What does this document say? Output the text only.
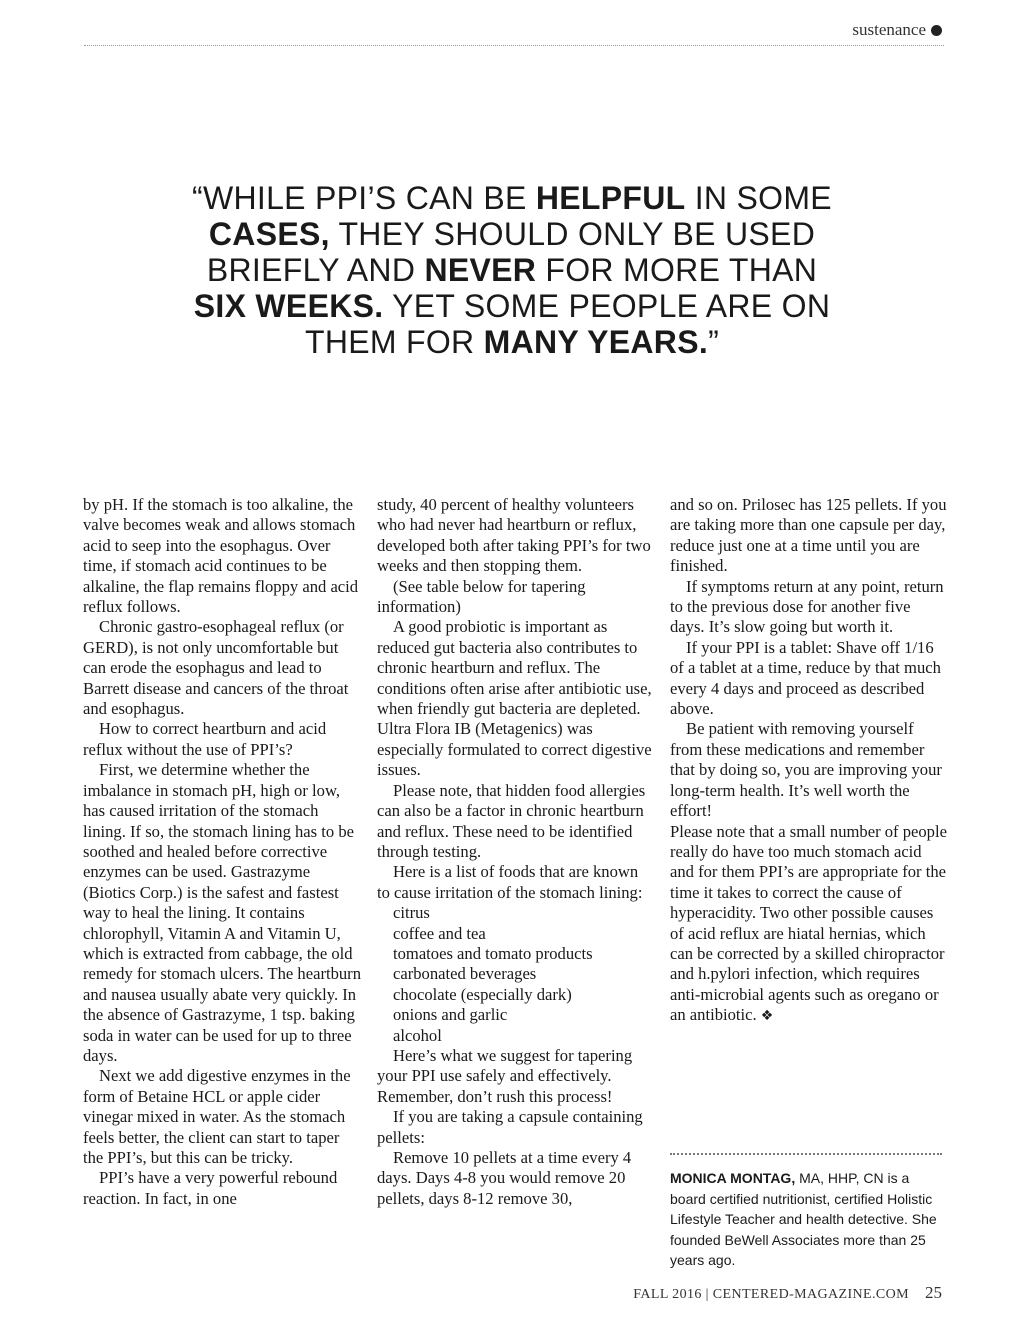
sustenance

“WHILE PPI’S CAN BE HELPFUL IN SOME CASES, THEY SHOULD ONLY BE USED BRIEFLY AND NEVER FOR MORE THAN SIX WEEKS. YET SOME PEOPLE ARE ON THEM FOR MANY YEARS.”

by pH. If the stomach is too alkaline, the valve becomes weak and allows stomach acid to seep into the esophagus. Over time, if stomach acid continues to be alkaline, the flap remains floppy and acid reflux follows.

Chronic gastro-esophageal reflux (or GERD), is not only uncomfortable but can erode the esophagus and lead to Barrett disease and cancers of the throat and esophagus.

How to correct heartburn and acid reflux without the use of PPI’s?

First, we determine whether the imbalance in stomach pH, high or low, has caused irritation of the stomach lining. If so, the stomach lining has to be soothed and healed before corrective enzymes can be used. Gastrazyme (Biotics Corp.) is the safest and fastest way to heal the lining. It contains chlorophyll, Vitamin A and Vitamin U, which is extracted from cabbage, the old remedy for stomach ulcers. The heartburn and nausea usually abate very quickly. In the absence of Gastrazyme, 1 tsp. baking soda in water can be used for up to three days.

Next we add digestive enzymes in the form of Betaine HCL or apple cider vinegar mixed in water. As the stomach feels better, the client can start to taper the PPI’s, but this can be tricky.

PPI’s have a very powerful rebound reaction. In fact, in one

study, 40 percent of healthy volunteers who had never had heartburn or reflux, developed both after taking PPI’s for two weeks and then stopping them.

(See table below for tapering information)

A good probiotic is important as reduced gut bacteria also contributes to chronic heartburn and reflux. The conditions often arise after antibiotic use, when friendly gut bacteria are depleted. Ultra Flora IB (Metagenics) was especially formulated to correct digestive issues.

Please note, that hidden food allergies can also be a factor in chronic heartburn and reflux. These need to be identified through testing.

Here is a list of foods that are known to cause irritation of the stomach lining:

citrus

coffee and tea

tomatoes and tomato products

carbonated beverages

chocolate (especially dark)

onions and garlic

alcohol

Here’s what we suggest for tapering your PPI use safely and effectively. Remember, don’t rush this process!

If you are taking a capsule containing pellets:

Remove 10 pellets at a time every 4 days. Days 4-8 you would remove 20 pellets, days 8-12 remove 30,

and so on. Prilosec has 125 pellets. If you are taking more than one capsule per day, reduce just one at a time until you are finished.

If symptoms return at any point, return to the previous dose for another five days. It’s slow going but worth it.

If your PPI is a tablet: Shave off 1/16 of a tablet at a time, reduce by that much every 4 days and proceed as described above.

Be patient with removing yourself from these medications and remember that by doing so, you are improving your long-term health. It’s well worth the effort!

Please note that a small number of people really do have too much stomach acid and for them PPI’s are appropriate for the time it takes to correct the cause of hyperacidity. Two other possible causes of acid reflux are hiatal hernias, which can be corrected by a skilled chiropractor and h.pylori infection, which requires anti-microbial agents such as oregano or an antibiotic. ❖

MONICA MONTAG, MA, HHP, CN is a board certified nutritionist, certified Holistic Lifestyle Teacher and health detective. She founded BeWell Associates more than 25 years ago.

FALL 2016 | CENTERED-MAGAZINE.COM 25
